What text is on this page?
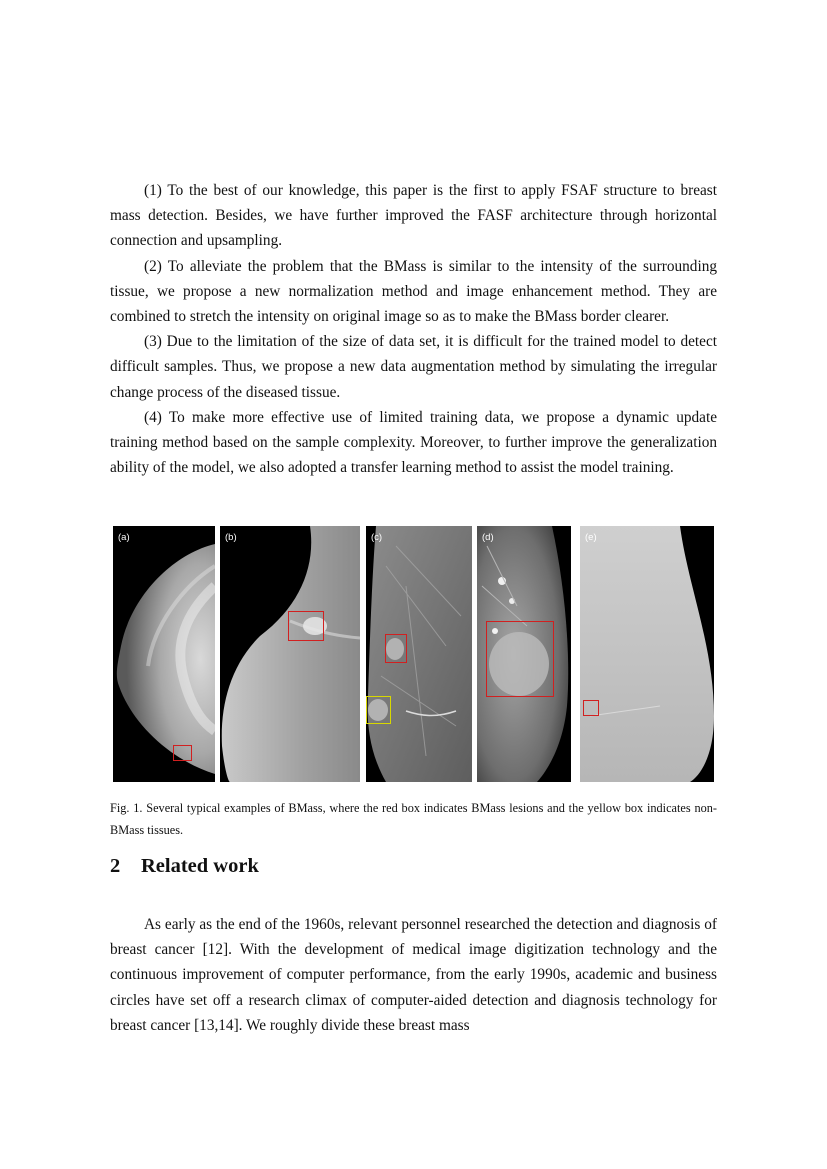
(1) To the best of our knowledge, this paper is the first to apply FSAF structure to breast mass detection. Besides, we have further improved the FASF architecture through horizontal connection and upsampling.

(2) To alleviate the problem that the BMass is similar to the intensity of the surrounding tissue, we propose a new normalization method and image enhancement method. They are combined to stretch the intensity on original image so as to make the BMass border clearer.

(3) Due to the limitation of the size of data set, it is difficult for the trained model to detect difficult samples. Thus, we propose a new data augmentation method by simulating the irregular change process of the diseased tissue.

(4) To make more effective use of limited training data, we propose a dynamic update training method based on the sample complexity. Moreover, to further improve the generalization ability of the model, we also adopted a transfer learning method to assist the model training.

(a)	(b)	(c)	(d)	(e)

Fig. 1. Several typical examples of BMass, where the red box indicates BMass lesions and the yellow box indicates non-BMass tissues.

2 Related work

As early as the end of the 1960s, relevant personnel researched the detection and diagnosis of breast cancer [12]. With the development of medical image digitization technology and the continuous improvement of computer performance, from the early 1990s, academic and business circles have set off a research climax of computer-aided detection and diagnosis technology for breast cancer [13,14]. We roughly divide these breast mass
